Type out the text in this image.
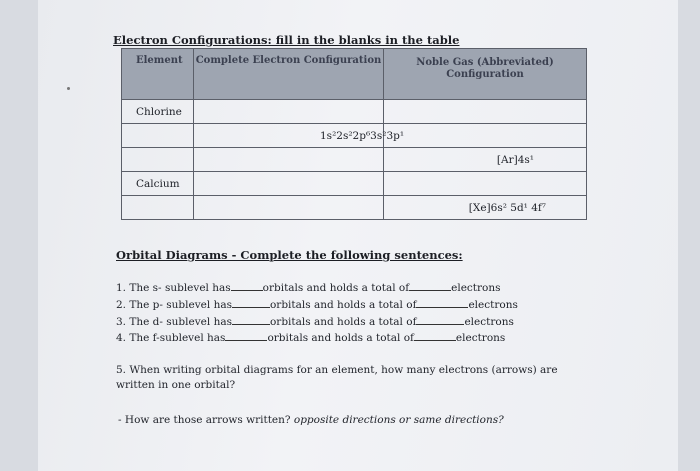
Electron Configurations: fill in the blanks in the table
Element	Complete Electron Configuration	Noble Gas (Abbreviated) Configuration
Chlorine		
	1s²2s²2p⁶3s²3p¹	
		[Ar]4s¹
Calcium		
		[Xe]6s² 5d¹ 4f⁷
Orbital Diagrams - Complete the following sentences:
1. The s- sublevel has	orbitals and holds a total of	electrons
2. The p- sublevel has	orbitals and holds a total of	electrons
3. The d- sublevel has	orbitals and holds a total of	electrons
4. The f-sublevel has	orbitals and holds a total of	electrons
5. When writing orbital diagrams for an element, how many electrons (arrows) are written in one orbital?
- How are those arrows written? opposite directions or same directions?
